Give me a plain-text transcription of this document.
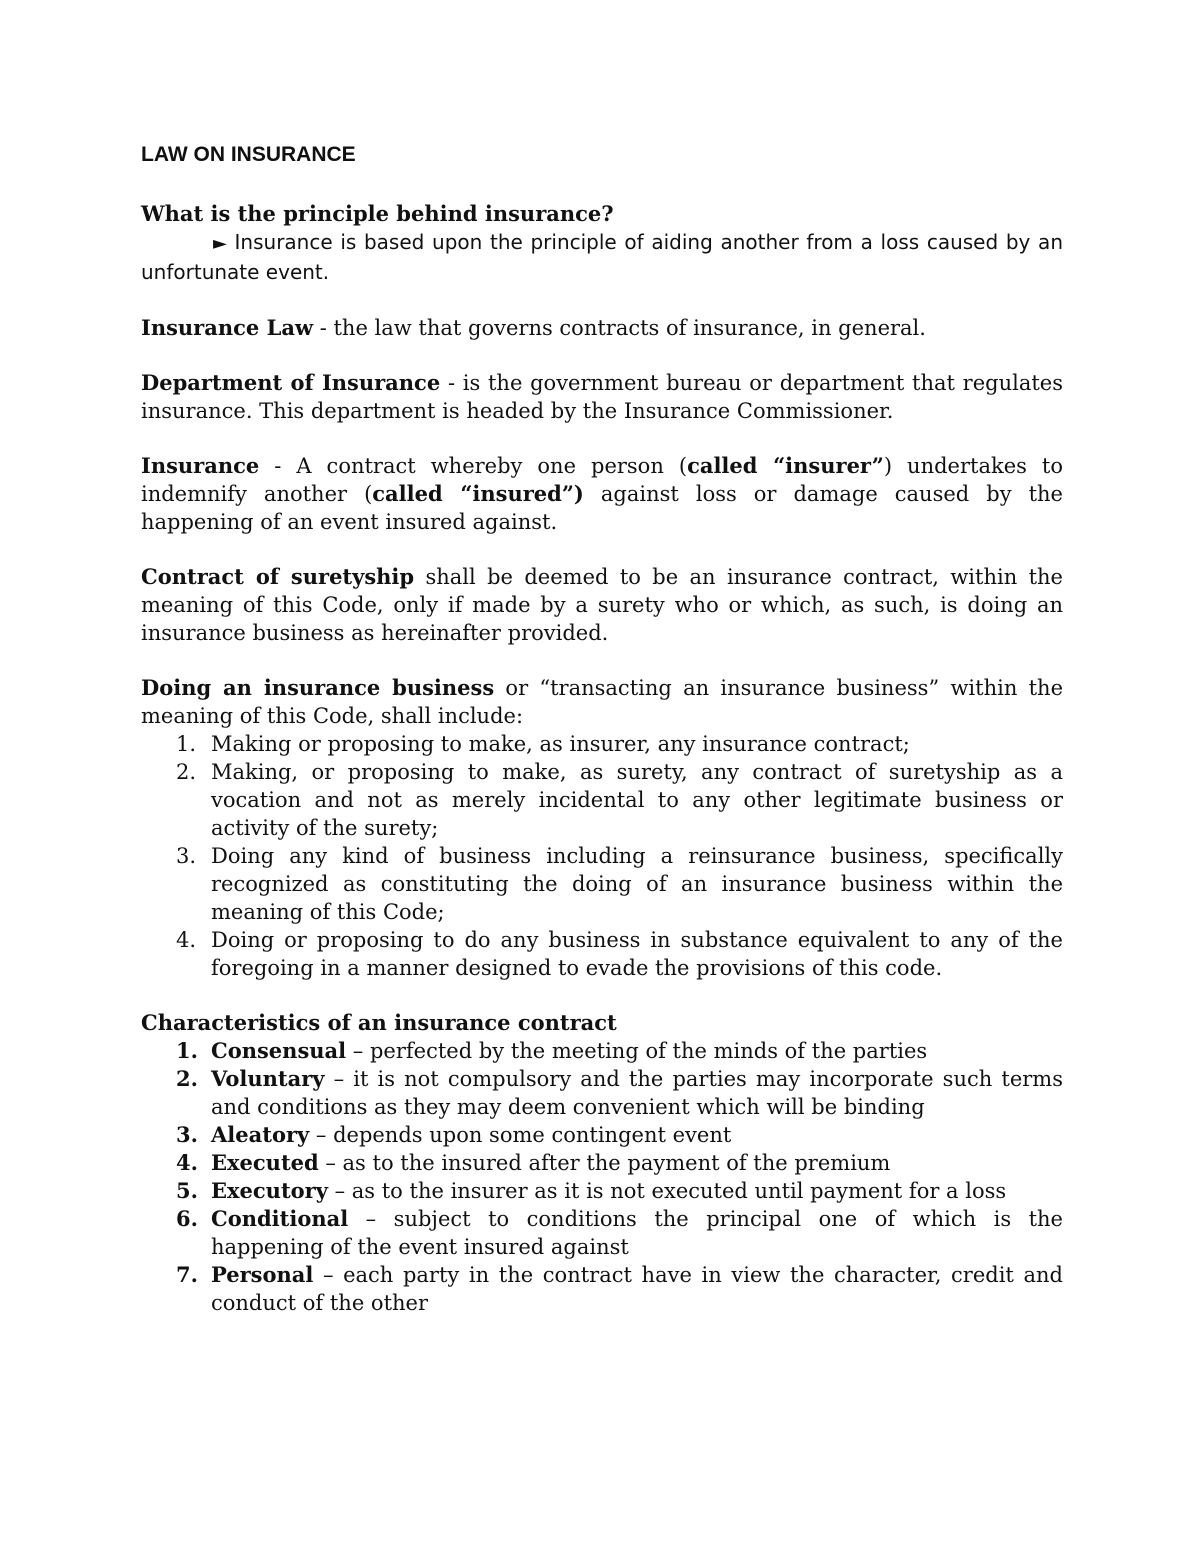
LAW ON INSURANCE
What is the principle behind insurance?

► Insurance is based upon the principle of aiding another from a loss caused by an unfortunate event.

Insurance Law - the law that governs contracts of insurance, in general.

Department of Insurance - is the government bureau or department that regulates insurance. This department is headed by the Insurance Commissioner.

Insurance - A contract whereby one person (called “insurer”) undertakes to indemnify another (called “insured”) against loss or damage caused by the happening of an event insured against.

Contract of suretyship shall be deemed to be an insurance contract, within the meaning of this Code, only if made by a surety who or which, as such, is doing an insurance business as hereinafter provided.

Doing an insurance business or “transacting an insurance business” within the meaning of this Code, shall include:

1. Making or proposing to make, as insurer, any insurance contract;
2. Making, or proposing to make, as surety, any contract of suretyship as a vocation and not as merely incidental to any other legitimate business or activity of the surety;
3. Doing any kind of business including a reinsurance business, specifically recognized as constituting the doing of an insurance business within the meaning of this Code;
4. Doing or proposing to do any business in substance equivalent to any of the foregoing in a manner designed to evade the provisions of this code.
Characteristics of an insurance contract
1. Consensual – perfected by the meeting of the minds of the parties
2. Voluntary – it is not compulsory and the parties may incorporate such terms and conditions as they may deem convenient which will be binding
3. Aleatory – depends upon some contingent event
4. Executed – as to the insured after the payment of the premium
5. Executory – as to the insurer as it is not executed until payment for a loss
6. Conditional – subject to conditions the principal one of which is the happening of the event insured against
7. Personal – each party in the contract have in view the character, credit and conduct of the other
